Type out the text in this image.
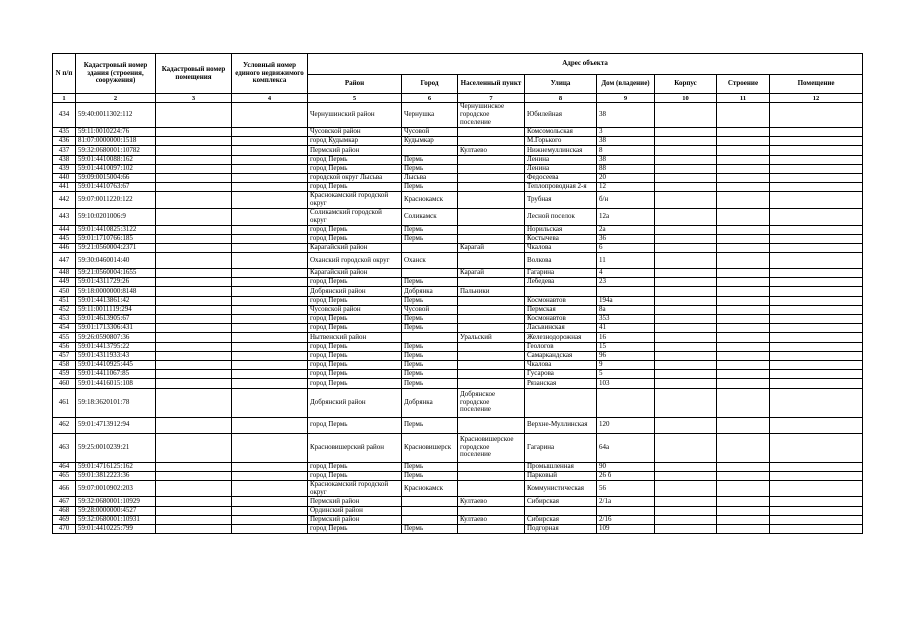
N п/п	Кадастровый номер здания (строения, сооружения)	Кадастровый номер помещения	Условный номер единого недвижимого комплекса	Адрес объекта							
				Район	Город	Населенный пункт	Улица	Дом (владение)	Корпус	Строение	Помещение
1	2	3	4	5	6	7	8	9	10	11	12
434	59:40:0011302:112			Чернушинский район	Чернушка	Чернушинское городское поселение	Юбилейная	38			
435	59:11:0010224:76			Чусовской район	Чусовой		Комсомольская	3			
436	81:07:0000000:1518			город Кудымкар	Кудымкар		М.Горького	38			
437	59:32:0680001:10782			Пермский район		Култаево	Нижнемуллинская	8			
438	59:01:4410088:162			город Пермь	Пермь		Ленина	38			
439	59:01:4410097:102			город Пермь	Пермь		Ленина	88			
440	59:09:0015004:66			городской округ Лысьва	Лысьва		Федосеева	20			
441	59:01:4410763:67			город Пермь	Пермь		Теплопроводная 2-я	12			
442	59:07:0011220:122			Краснокамский городской округ	Краснокамск		Трубная	б/н			
443	59:10:0201006:9			Соликамский городской округ	Соликамск		Лесной поселок	12а			
444	59:01:4410825:3122			город Пермь	Пермь		Норильская	2а			
445	59:01:1710766:185			город Пермь	Пермь		Костычева	36			
446	59:21:0560004:2371			Карагайский район		Карагай	Чкалова	6			
447	59:30:0460014:40			Оханский городской округ	Оханск		Волкова	11			
448	59:21:0560004:1655			Карагайский район		Карагай	Гагарина	4			
449	59:01:4311729:26			город Пермь	Пермь		Лебедева	23			
450	59:18:0000000:8148			Добрянский район	Добрянка	Пальники					
451	59:01:4413861:42			город Пермь	Пермь		Космонавтов	194а			
452	59:11:0011119:294			Чусовской район	Чусовой		Пермская	8а			
453	59:01:4613905:67			город Пермь	Пермь		Космонавтов	353			
454	59:01:1713306:431			город Пермь	Пермь		Ласьвинская	41			
455	59:26:0590807:36			Нытвенский район		Уральский	Железнодорожная	16			
456	59:01:4413795:22			город Пермь	Пермь		Геологов	15			
457	59:01:4311933:43			город Пермь	Пермь		Самаркандская	96			
458	59:01:4410925:445			город Пермь	Пермь		Чкалова	9			
459	59:01:4411067:85			город Пермь	Пермь		Гусарова	5			
460	59:01:4416015:108			город Пермь	Пермь		Рязанская	103			
461	59:18:3620101:78			Добрянский район	Добрянка	Добрянское городское поселение					
462	59:01:4713912:94			город Пермь	Пермь		Верхне-Муллинская	120			
463	59:25:0010239:21			Красновишерский район	Красновишерск	Красновишерское городское поселение	Гагарина	64а			
464	59:01:4716125:162			город Пермь	Пермь		Промышленная	90			
465	59:01:3812223:36			город Пермь	Пермь		Парковый	26 б			
466	59:07:0010902:203			Краснокамский городской округ	Краснокамск		Коммунистическая	56			
467	59:32:0680001:10929			Пермский район		Култаево	Сибирская	2/1а			
468	59:28:0000000:4527			Ординский район							
469	59:32:0680001:10931			Пермский район		Култаево	Сибирская	2/16			
470	59:01:4410225:799			город Пермь	Пермь		Подгорная	109			
